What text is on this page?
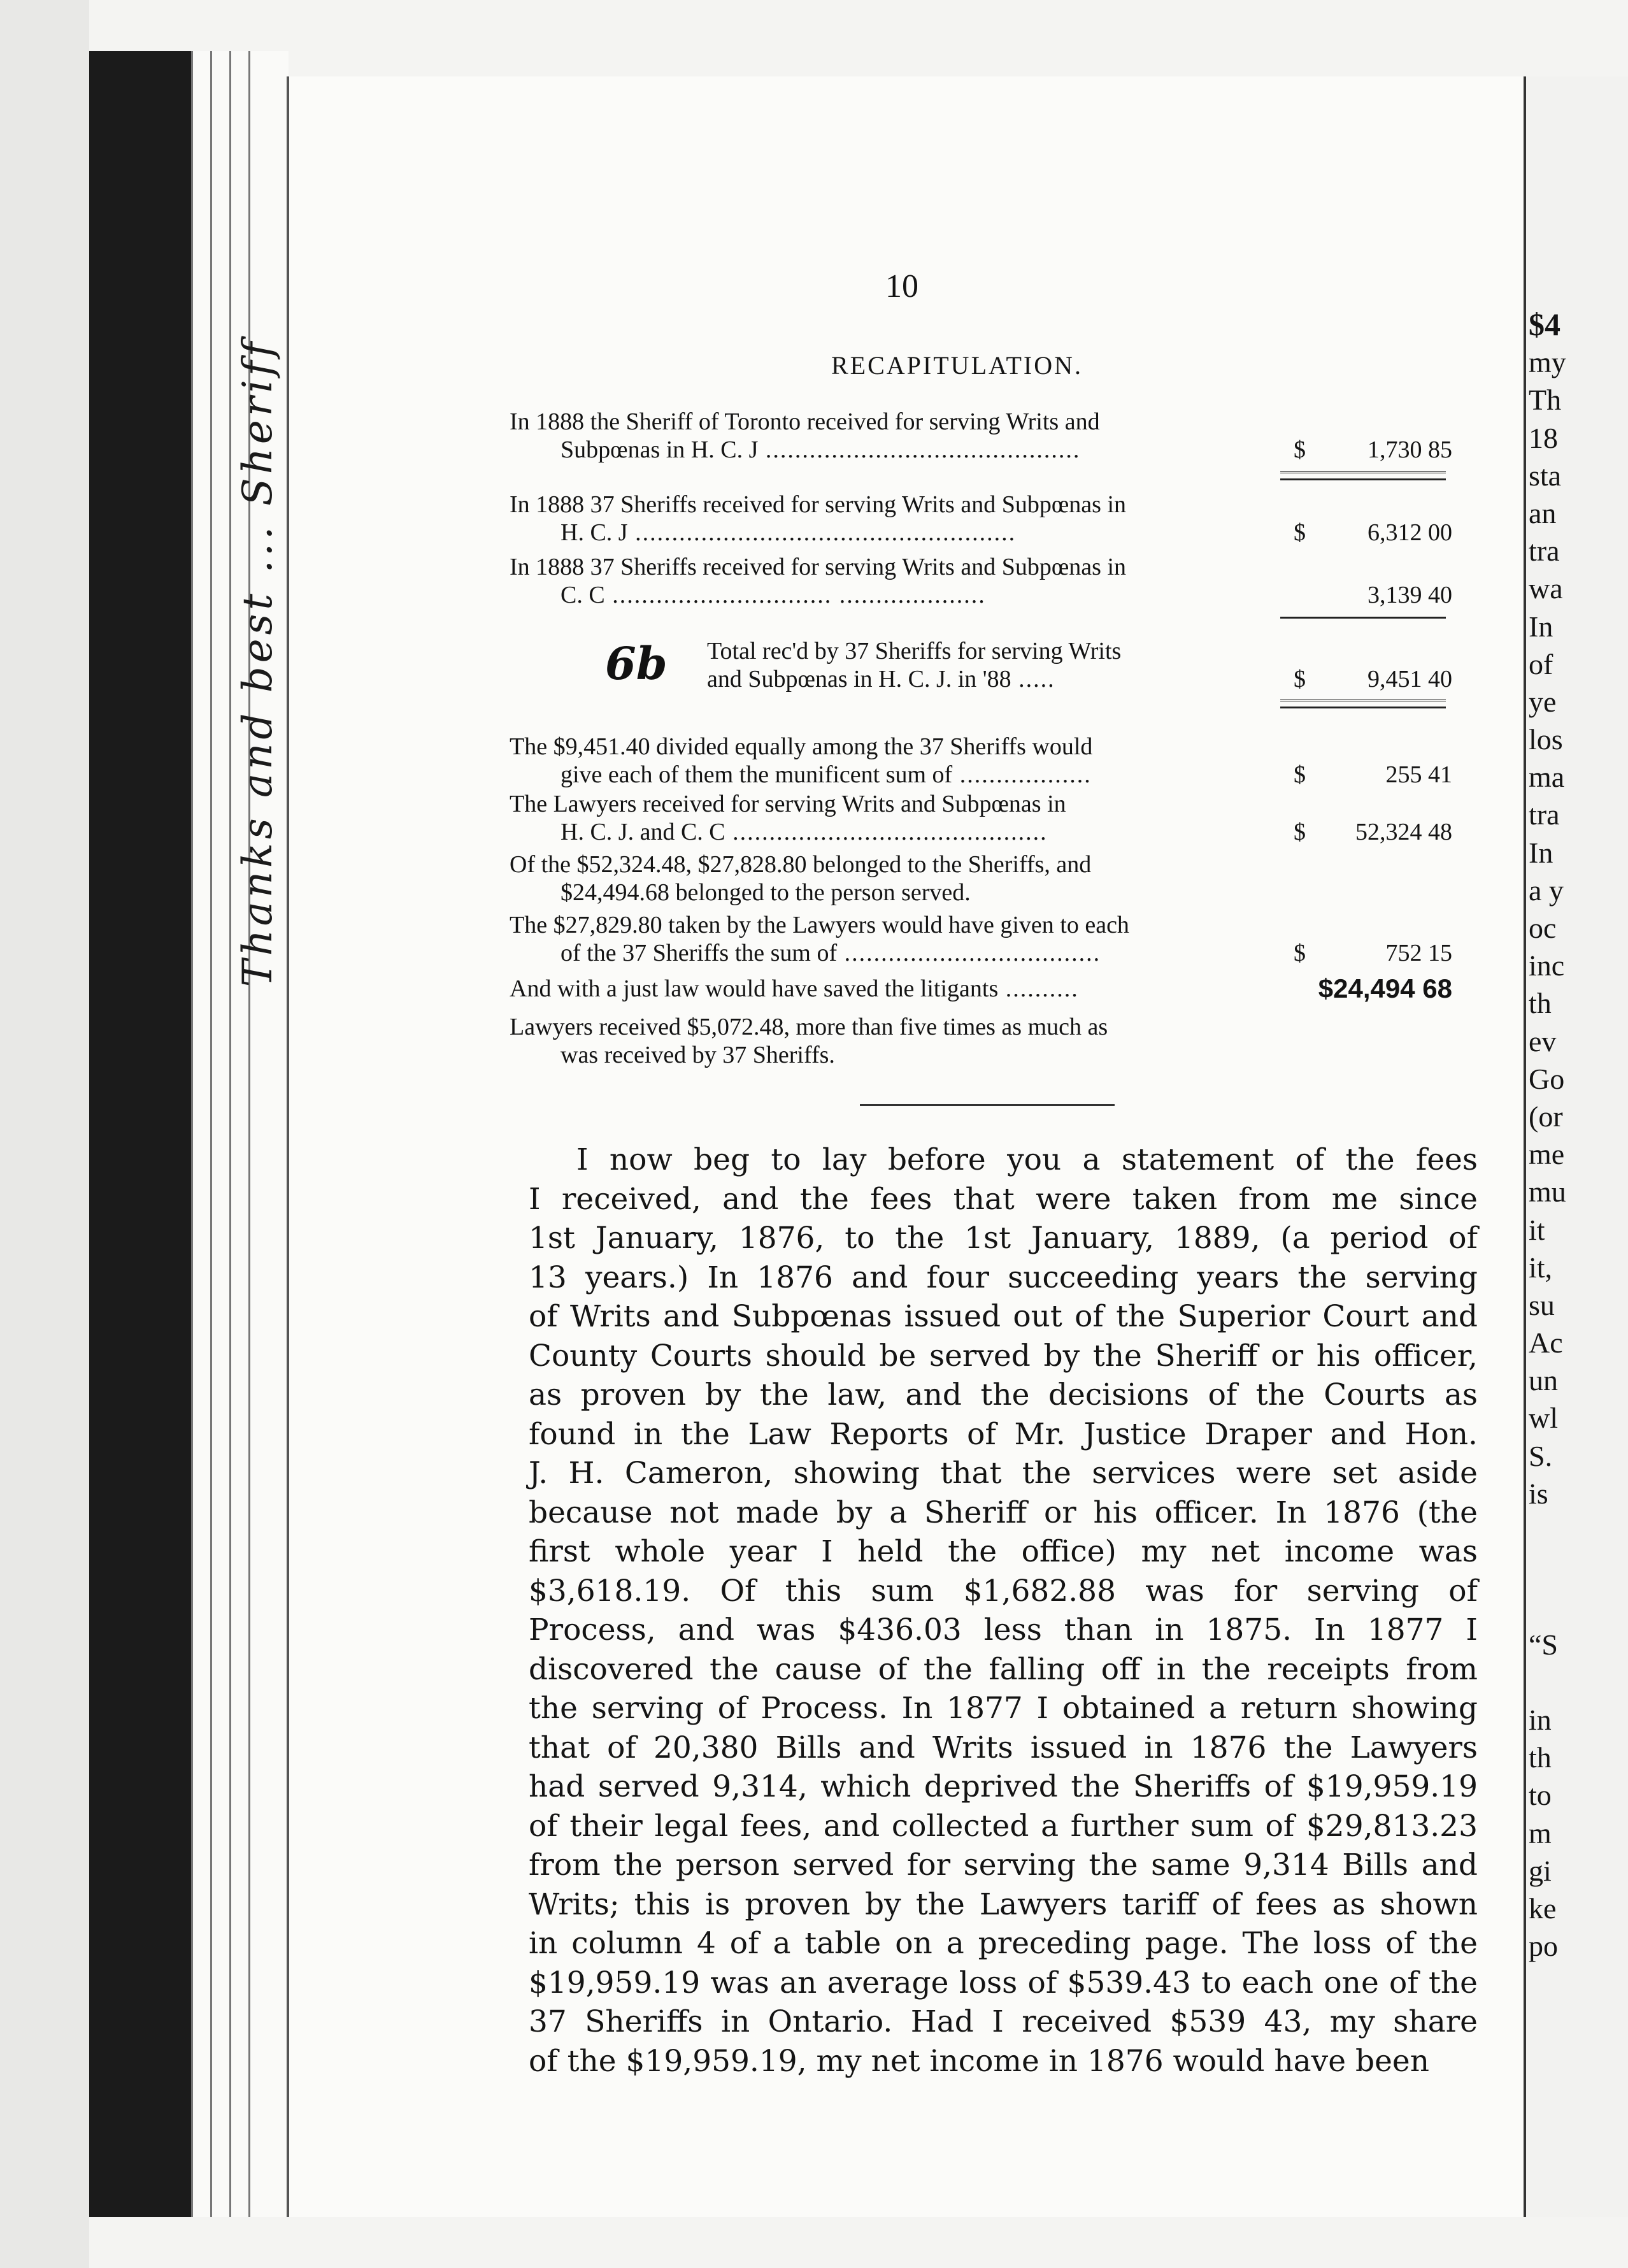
Thanks and best ... Sheriff
$4
my
Th
18
sta
an
tra
wa
In
of
ye
los
ma
tra
In
a y
oc
inc
th
ev
Go
(or
me
mu
it
it,
su
Ac
un
wl
S.
is
“S
in
th
to
m
gi
ke
po
10
RECAPITULATION.
6b
In 1888 the Sheriff of Toronto received for serving Writs and
Subpœnas in H. C. J ...........................................	$	1,730 85
In 1888 37 Sheriffs received for serving Writs and Subpœnas in
H. C. J ....................................................	$	6,312 00
In 1888 37 Sheriffs received for serving Writs and Subpœnas in
C. C .............................. ....................	3,139 40
Total rec'd by 37 Sheriffs for serving Writs
and Subpœnas in H. C. J. in '88 .....	$	9,451 40
The $9,451.40 divided equally among the 37 Sheriffs would
give each of them the munificent sum of ..................	$	255 41
The Lawyers received for serving Writs and Subpœnas in
H. C. J. and C. C ...........................................	$ 52,324 48
Of the $52,324.48, $27,828.80 belonged to the Sheriffs, and
$24,494.68 belonged to the person served.
The $27,829.80 taken by the Lawyers would have given to each
of the 37 Sheriffs the sum of ...................................	$	752 15
And with a just law would have saved the litigants ..........	$24,494 68
Lawyers received $5,072.48, more than five times as much as
was received by 37 Sheriffs.
I now beg to lay before you a statement of the fees
I received, and the fees that were taken from me since
1st January, 1876, to the 1st January, 1889, (a period of
13 years.) In 1876 and four succeeding years the serving
of Writs and Subpœnas issued out of the Superior Court and
County Courts should be served by the Sheriff or his officer,
as proven by the law, and the decisions of the Courts as
found in the Law Reports of Mr. Justice Draper and Hon.
J. H. Cameron, showing that the services were set aside
because not made by a Sheriff or his officer. In 1876 (the
first whole year I held the office) my net income was
$3,618.19. Of this sum $1,682.88 was for serving of
Process, and was $436.03 less than in 1875. In 1877 I
discovered the cause of the falling off in the receipts from
the serving of Process. In 1877 I obtained a return showing
that of 20,380 Bills and Writs issued in 1876 the Lawyers
had served 9,314, which deprived the Sheriffs of $19,959.19
of their legal fees, and collected a further sum of $29,813.23
from the person served for serving the same 9,314 Bills and
Writs; this is proven by the Lawyers tariff of fees as shown
in column 4 of a table on a preceding page. The loss of the
$19,959.19 was an average loss of $539.43 to each one of the
37 Sheriffs in Ontario. Had I received $539 43, my share
of the $19,959.19, my net income in 1876 would have been
